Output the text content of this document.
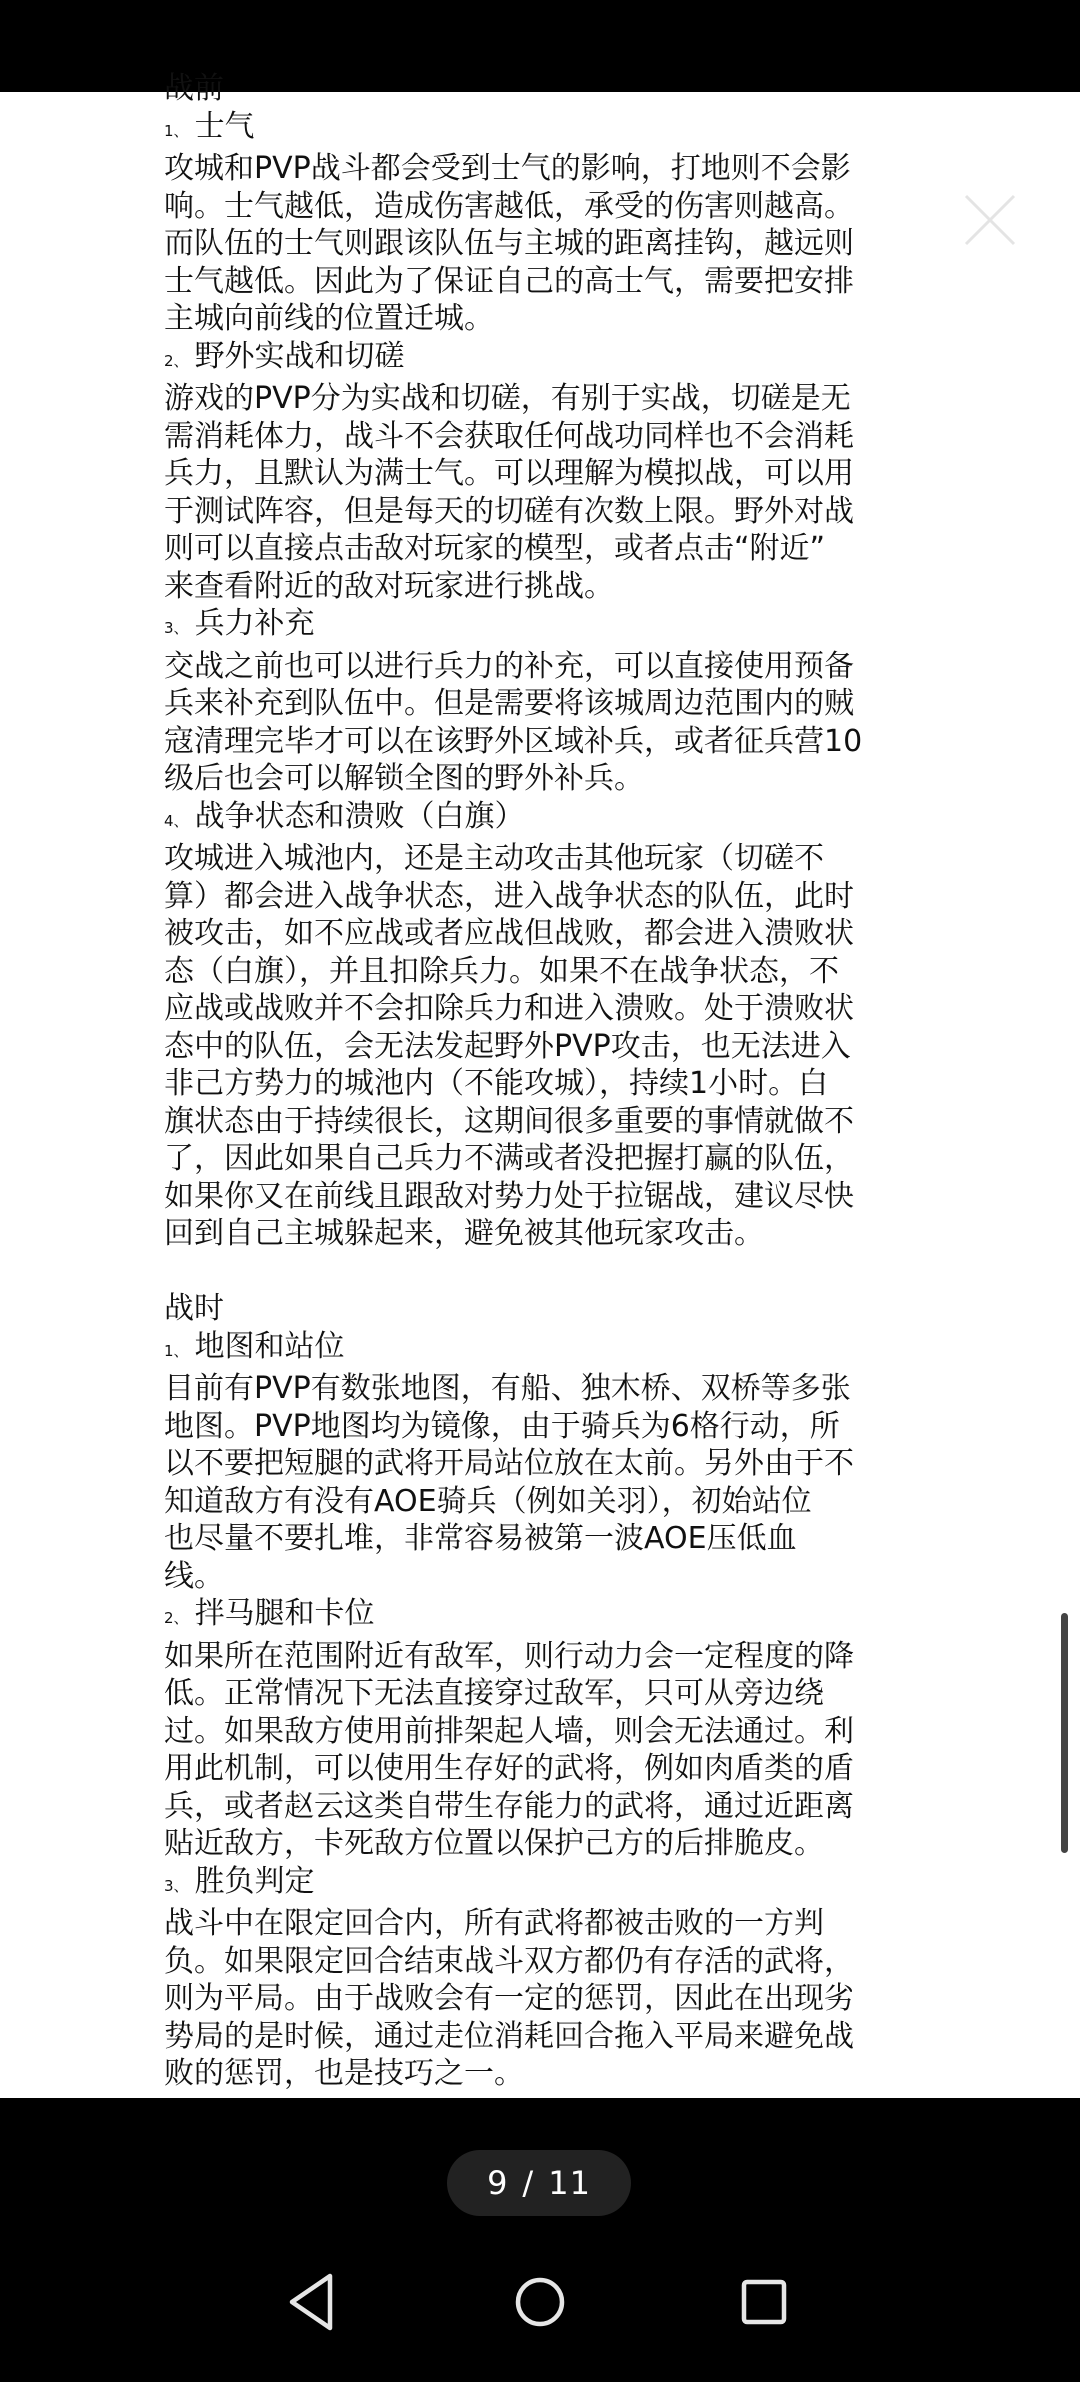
战前

1 、 士气

攻城和PVP战斗都会受到士气的影响，打地则不会影

响。士气越低，造成伤害越低，承受的伤害则越高。

而队伍的士气则跟该队伍与主城的距离挂钩，越远则

士气越低。因此为了保证自己的高士气，需要把安排

主城向前线的位置迁城。

2 、 野外实战和切磋

游戏的PVP分为实战和切磋，有别于实战，切磋是无

需消耗体力，战斗不会获取任何战功同样也不会消耗

兵力，且默认为满士气。可以理解为模拟战，可以用

于测试阵容，但是每天的切磋有次数上限。野外对战

则可以直接点击敌对玩家的模型，或者点击“附近”

来查看附近的敌对玩家进行挑战。

3 、 兵力补充

交战之前也可以进行兵力的补充，可以直接使用预备

兵来补充到队伍中。但是需要将该城周边范围内的贼

寇清理完毕才可以在该野外区域补兵，或者征兵营10

级后也会可以解锁全图的野外补兵。

4 、 战争状态和溃败（白旗）

攻城进入城池内，还是主动攻击其他玩家（切磋不

算）都会进入战争状态，进入战争状态的队伍，此时

被攻击，如不应战或者应战但战败，都会进入溃败状

态（白旗），并且扣除兵力。如果不在战争状态，不

应战或战败并不会扣除兵力和进入溃败。处于溃败状

态中的队伍，会无法发起野外PVP攻击，也无法进入

非己方势力的城池内（不能攻城），持续1小时。白

旗状态由于持续很长，这期间很多重要的事情就做不

了，因此如果自己兵力不满或者没把握打赢的队伍，

如果你又在前线且跟敌对势力处于拉锯战，建议尽快

回到自己主城躲起来，避免被其他玩家攻击。

战时

1 、 地图和站位

目前有PVP有数张地图，有船、独木桥、双桥等多张

地图。PVP地图均为镜像，由于骑兵为6格行动，所

以不要把短腿的武将开局站位放在太前。另外由于不

知道敌方有没有AOE骑兵（例如关羽），初始站位

也尽量不要扎堆，非常容易被第一波AOE压低血

线。

2 、 拌马腿和卡位

如果所在范围附近有敌军，则行动力会一定程度的降

低。正常情况下无法直接穿过敌军，只可从旁边绕

过。如果敌方使用前排架起人墙，则会无法通过。利

用此机制，可以使用生存好的武将，例如肉盾类的盾

兵，或者赵云这类自带生存能力的武将，通过近距离

贴近敌方，卡死敌方位置以保护己方的后排脆皮。

3 、 胜负判定

战斗中在限定回合内，所有武将都被击败的一方判

负。如果限定回合结束战斗双方都仍有存活的武将，

则为平局。由于战败会有一定的惩罚，因此在出现劣

势局的是时候，通过走位消耗回合拖入平局来避免战

败的惩罚，也是技巧之一。

9 / 11
